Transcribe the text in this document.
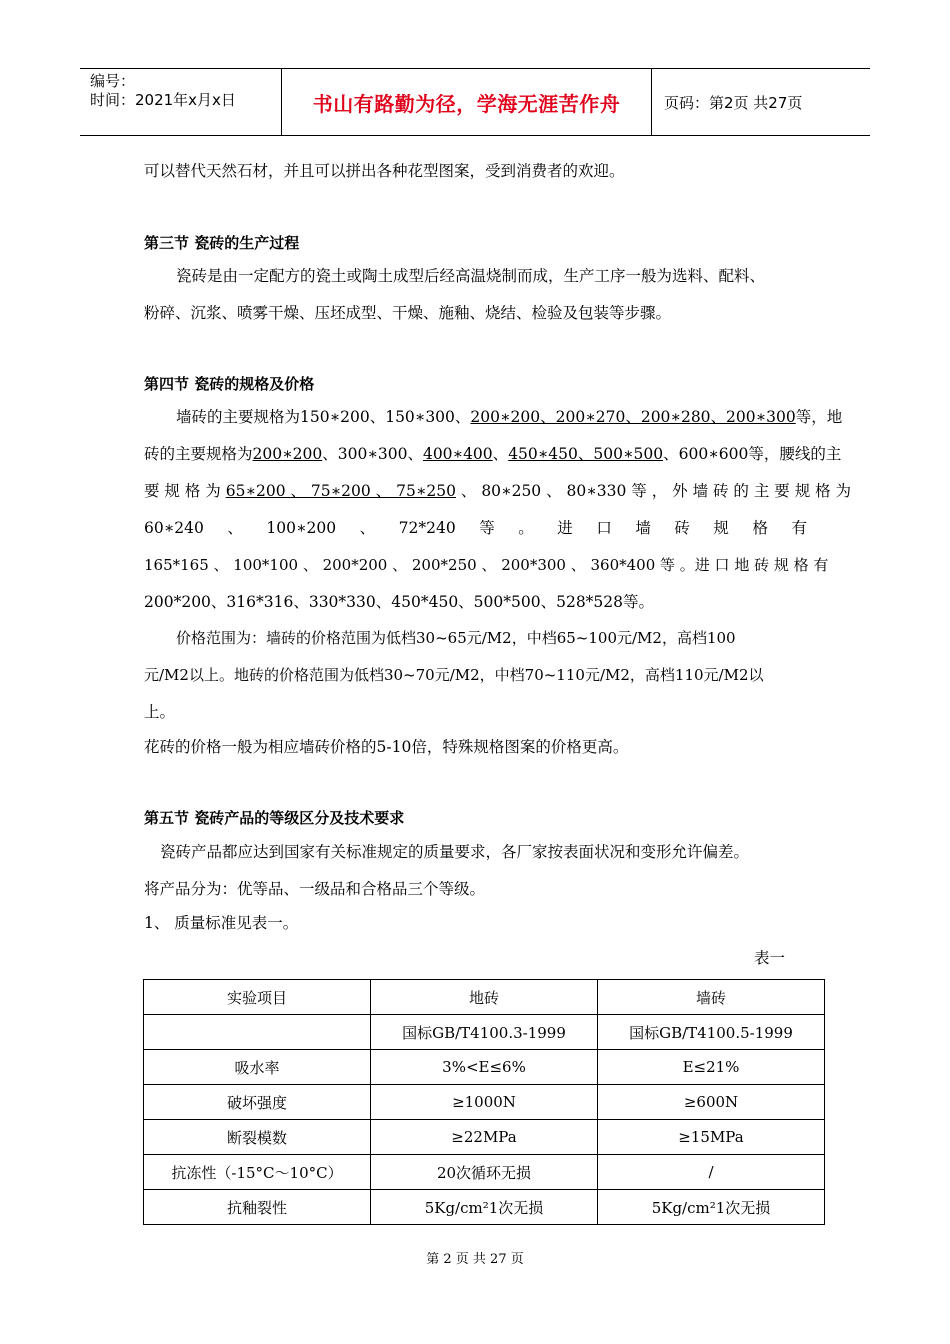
编号：
时间：2021年x月x日	书山有路勤为径，学海无涯苦作舟	页码：第2页 共27页
可以替代天然石材，并且可以拼出各种花型图案，受到消费者的欢迎。
第三节 瓷砖的生产过程
瓷砖是由一定配方的瓷土或陶土成型后经高温烧制而成，生产工序一般为选料、配料、
粉碎、沉浆、喷雾干燥、压坯成型、干燥、施釉、烧结、检验及包装等步骤。
第四节 瓷砖的规格及价格
墙砖的主要规格为150∗200、150∗300、200∗200、200∗270、200∗280、200∗300等，地
砖的主要规格为200∗200、300∗300、400∗400、450∗450、500∗500、600∗600等，腰线的主
要 规 格 为 65∗200 、 75∗200 、 75∗250 、 80∗250 、 80∗330 等 ， 外 墙 砖 的 主 要 规 格 为
60∗240 、 100∗200 、 72*240 等 。 进 口 墙 砖 规 格 有
165*165 、 100*100 、 200*200 、 200*250 、 200*300 、 360*400 等 。进 口 地 砖 规 格 有
200*200、316*316、330*330、450*450、500*500、528*528等。
价格范围为：墙砖的价格范围为低档30~65元/M2，中档65~100元/M2，高档100
元/M2以上。地砖的价格范围为低档30~70元/M2，中档70~110元/M2，高档110元/M2以
上。
花砖的价格一般为相应墙砖价格的5-10倍，特殊规格图案的价格更高。
第五节 瓷砖产品的等级区分及技术要求
瓷砖产品都应达到国家有关标准规定的质量要求，各厂家按表面状况和变形允许偏差。
将产品分为：优等品、一级品和合格品三个等级。
1、 质量标准见表一。
表一
实验项目	地砖	墙砖
	国标GB/T4100.3-1999	国标GB/T4100.5-1999
吸水率	3%<E≤6%	E≤21%
破坏强度	≥1000N	≥600N
断裂模数	≥22MPa	≥15MPa
抗冻性（-15°C～10°C）	20次循环无损	/
抗釉裂性	5Kg/cm²1次无损	5Kg/cm²1次无损
第 2 页 共 27 页
